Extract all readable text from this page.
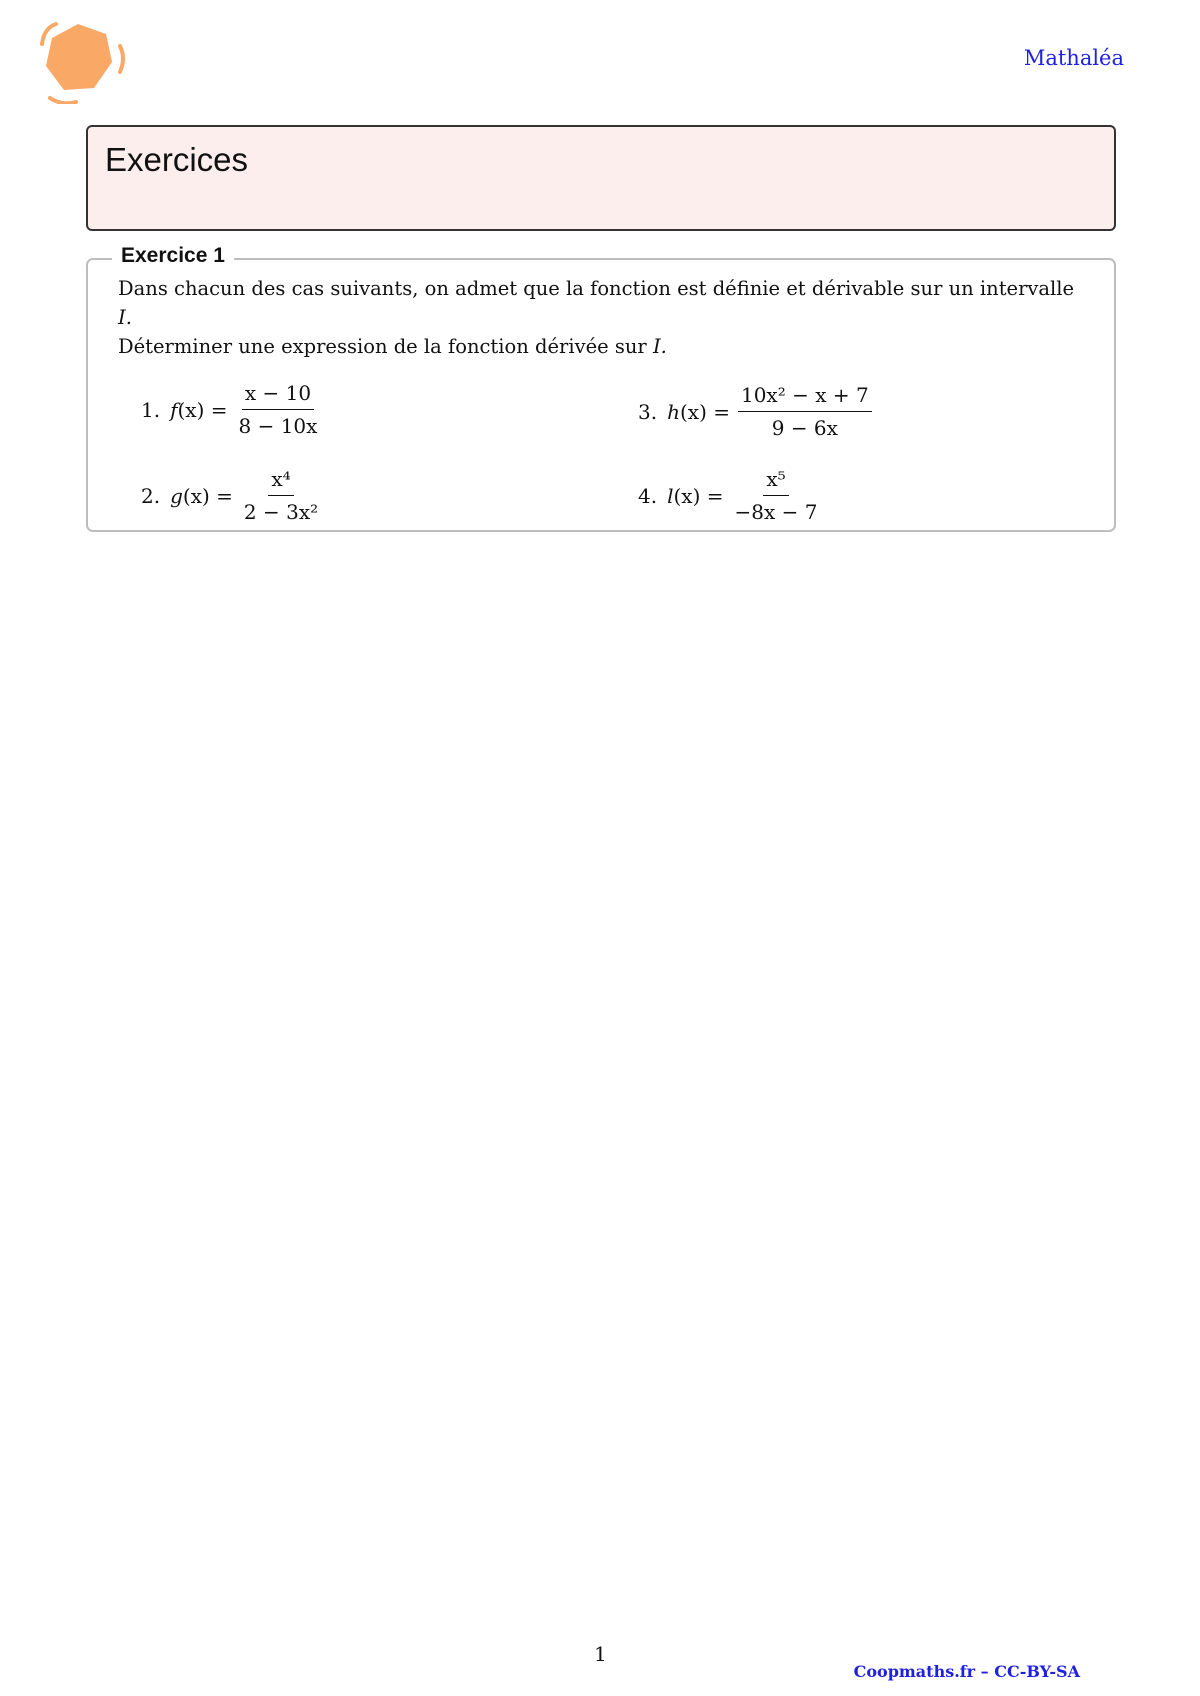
Mathaléa
Exercices
Exercice 1

Dans chacun des cas suivants, on admet que la fonction est définie et dérivable sur un intervalle
I.

Déterminer une expression de la fonction dérivée sur I.

1. $f(x) = \frac{x - 10}{8 - 10x}$
2. $g(x) = \frac{\text{x⁴}}{\text{2 − 3x²}}$
3. $h(x) = \frac{\text{10x² − x + 7}}{9 - 6x}$
4. $l(x) = \frac{\text{x⁵}}{-8x - 7}$
1
Coopmaths.fr – CC-BY-SA
